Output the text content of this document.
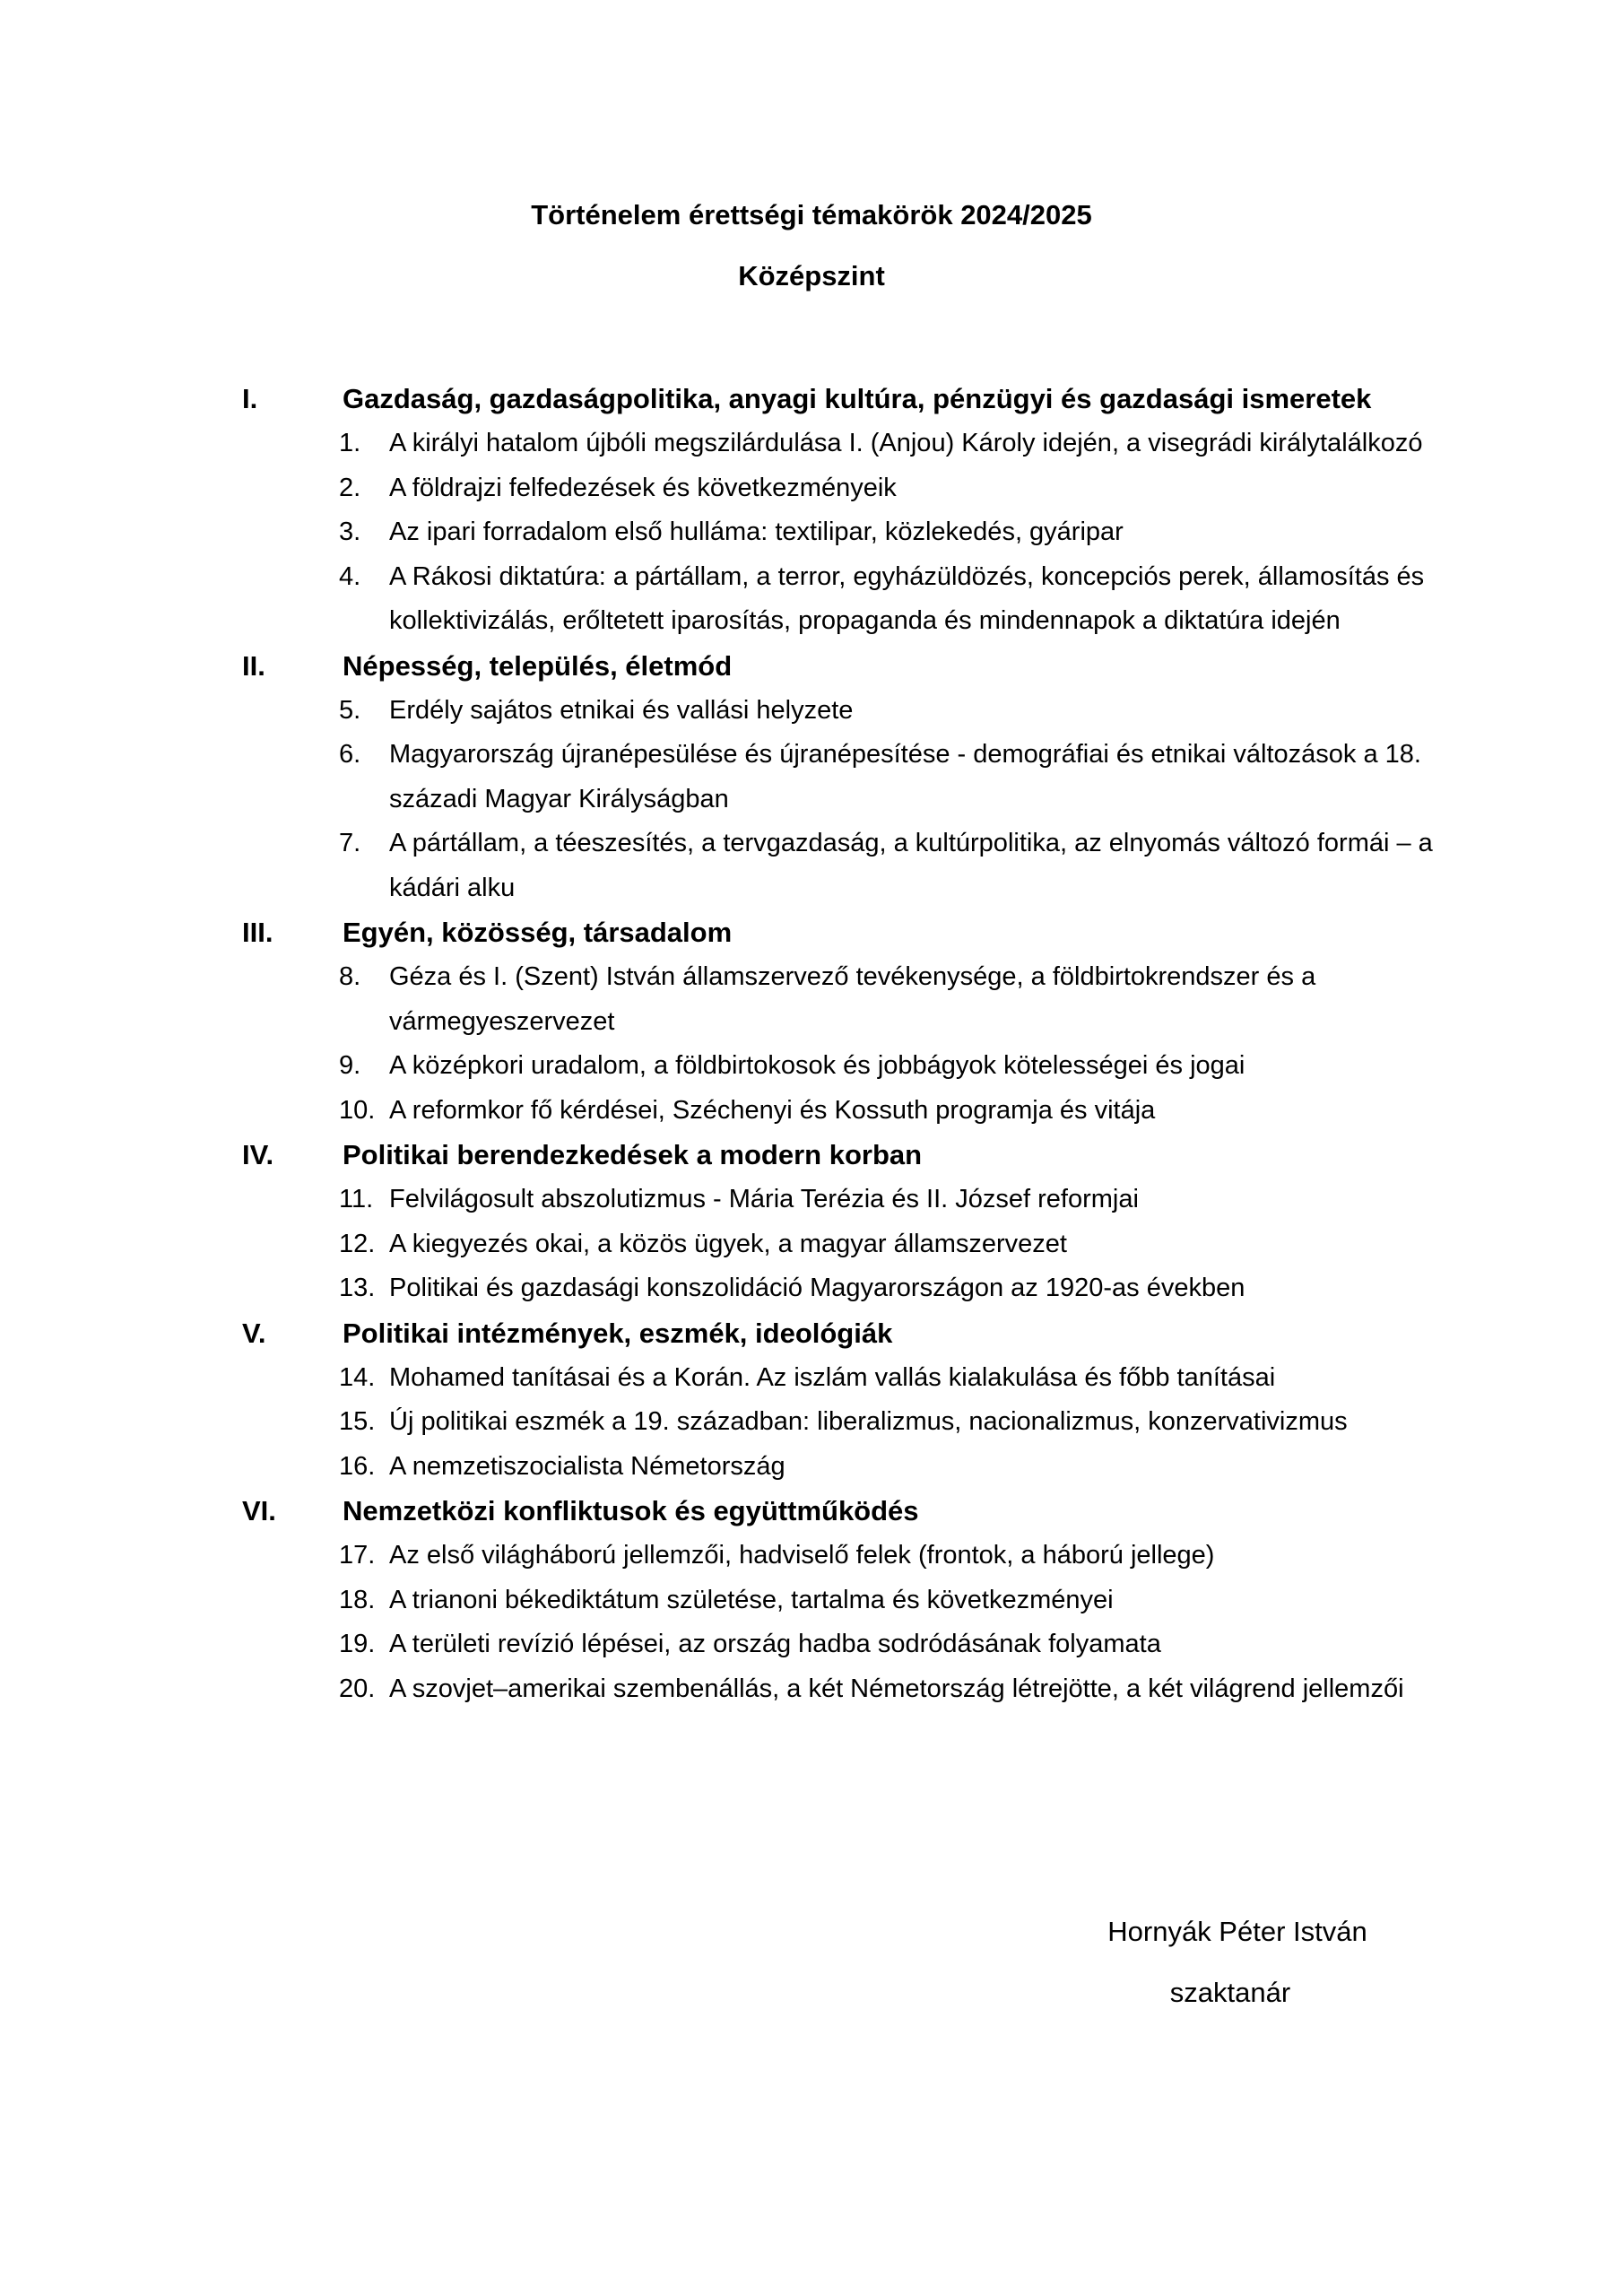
Történelem érettségi témakörök 2024/2025
Középszint
I.	Gazdaság, gazdaságpolitika, anyagi kultúra, pénzügyi és gazdasági ismeretek
1.	A királyi hatalom újbóli megszilárdulása I. (Anjou) Károly idején, a visegrádi királytalálkozó
2.	A földrajzi felfedezések és következményeik
3.	Az ipari forradalom első hulláma: textilipar, közlekedés, gyáripar
4.	A Rákosi diktatúra: a pártállam, a terror, egyházüldözés, koncepciós perek, államosítás és kollektivizálás, erőltetett iparosítás, propaganda és mindennapok a diktatúra idején
II.	Népesség, település, életmód
5.	Erdély sajátos etnikai és vallási helyzete
6.	Magyarország újranépesülése és újranépesítése - demográfiai és etnikai változások a 18. századi Magyar Királyságban
7.	A pártállam, a téeszesítés, a tervgazdaság, a kultúrpolitika, az elnyomás változó formái – a kádári alku
III.	Egyén, közösség, társadalom
8.	Géza és I. (Szent) István államszervező tevékenysége, a földbirtokrendszer és a vármegyeszervezet
9.	A középkori uradalom, a földbirtokosok és jobbágyok kötelességei és jogai
10. A reformkor fő kérdései, Széchenyi és Kossuth programja és vitája
IV.	Politikai berendezkedések a modern korban
11. Felvilágosult abszolutizmus - Mária Terézia és II. József reformjai
12. A kiegyezés okai, a közös ügyek, a magyar államszervezet
13. Politikai és gazdasági konszolidáció Magyarországon az 1920-as években
V.	Politikai intézmények, eszmék, ideológiák
14. Mohamed tanításai és a Korán. Az iszlám vallás kialakulása és főbb tanításai
15. Új politikai eszmék a 19. században: liberalizmus, nacionalizmus, konzervativizmus
16. A nemzetiszocialista Németország
VI.	Nemzetközi konfliktusok és együttműködés
17. Az első világháború jellemzői, hadviselő felek (frontok, a háború jellege)
18. A trianoni békediktátum születése, tartalma és következményei
19. A területi revízió lépései, az ország hadba sodródásának folyamata
20. A szovjet–amerikai szembenállás, a két Németország létrejötte, a két világrend jellemzői
Hornyák Péter István
szaktanár
